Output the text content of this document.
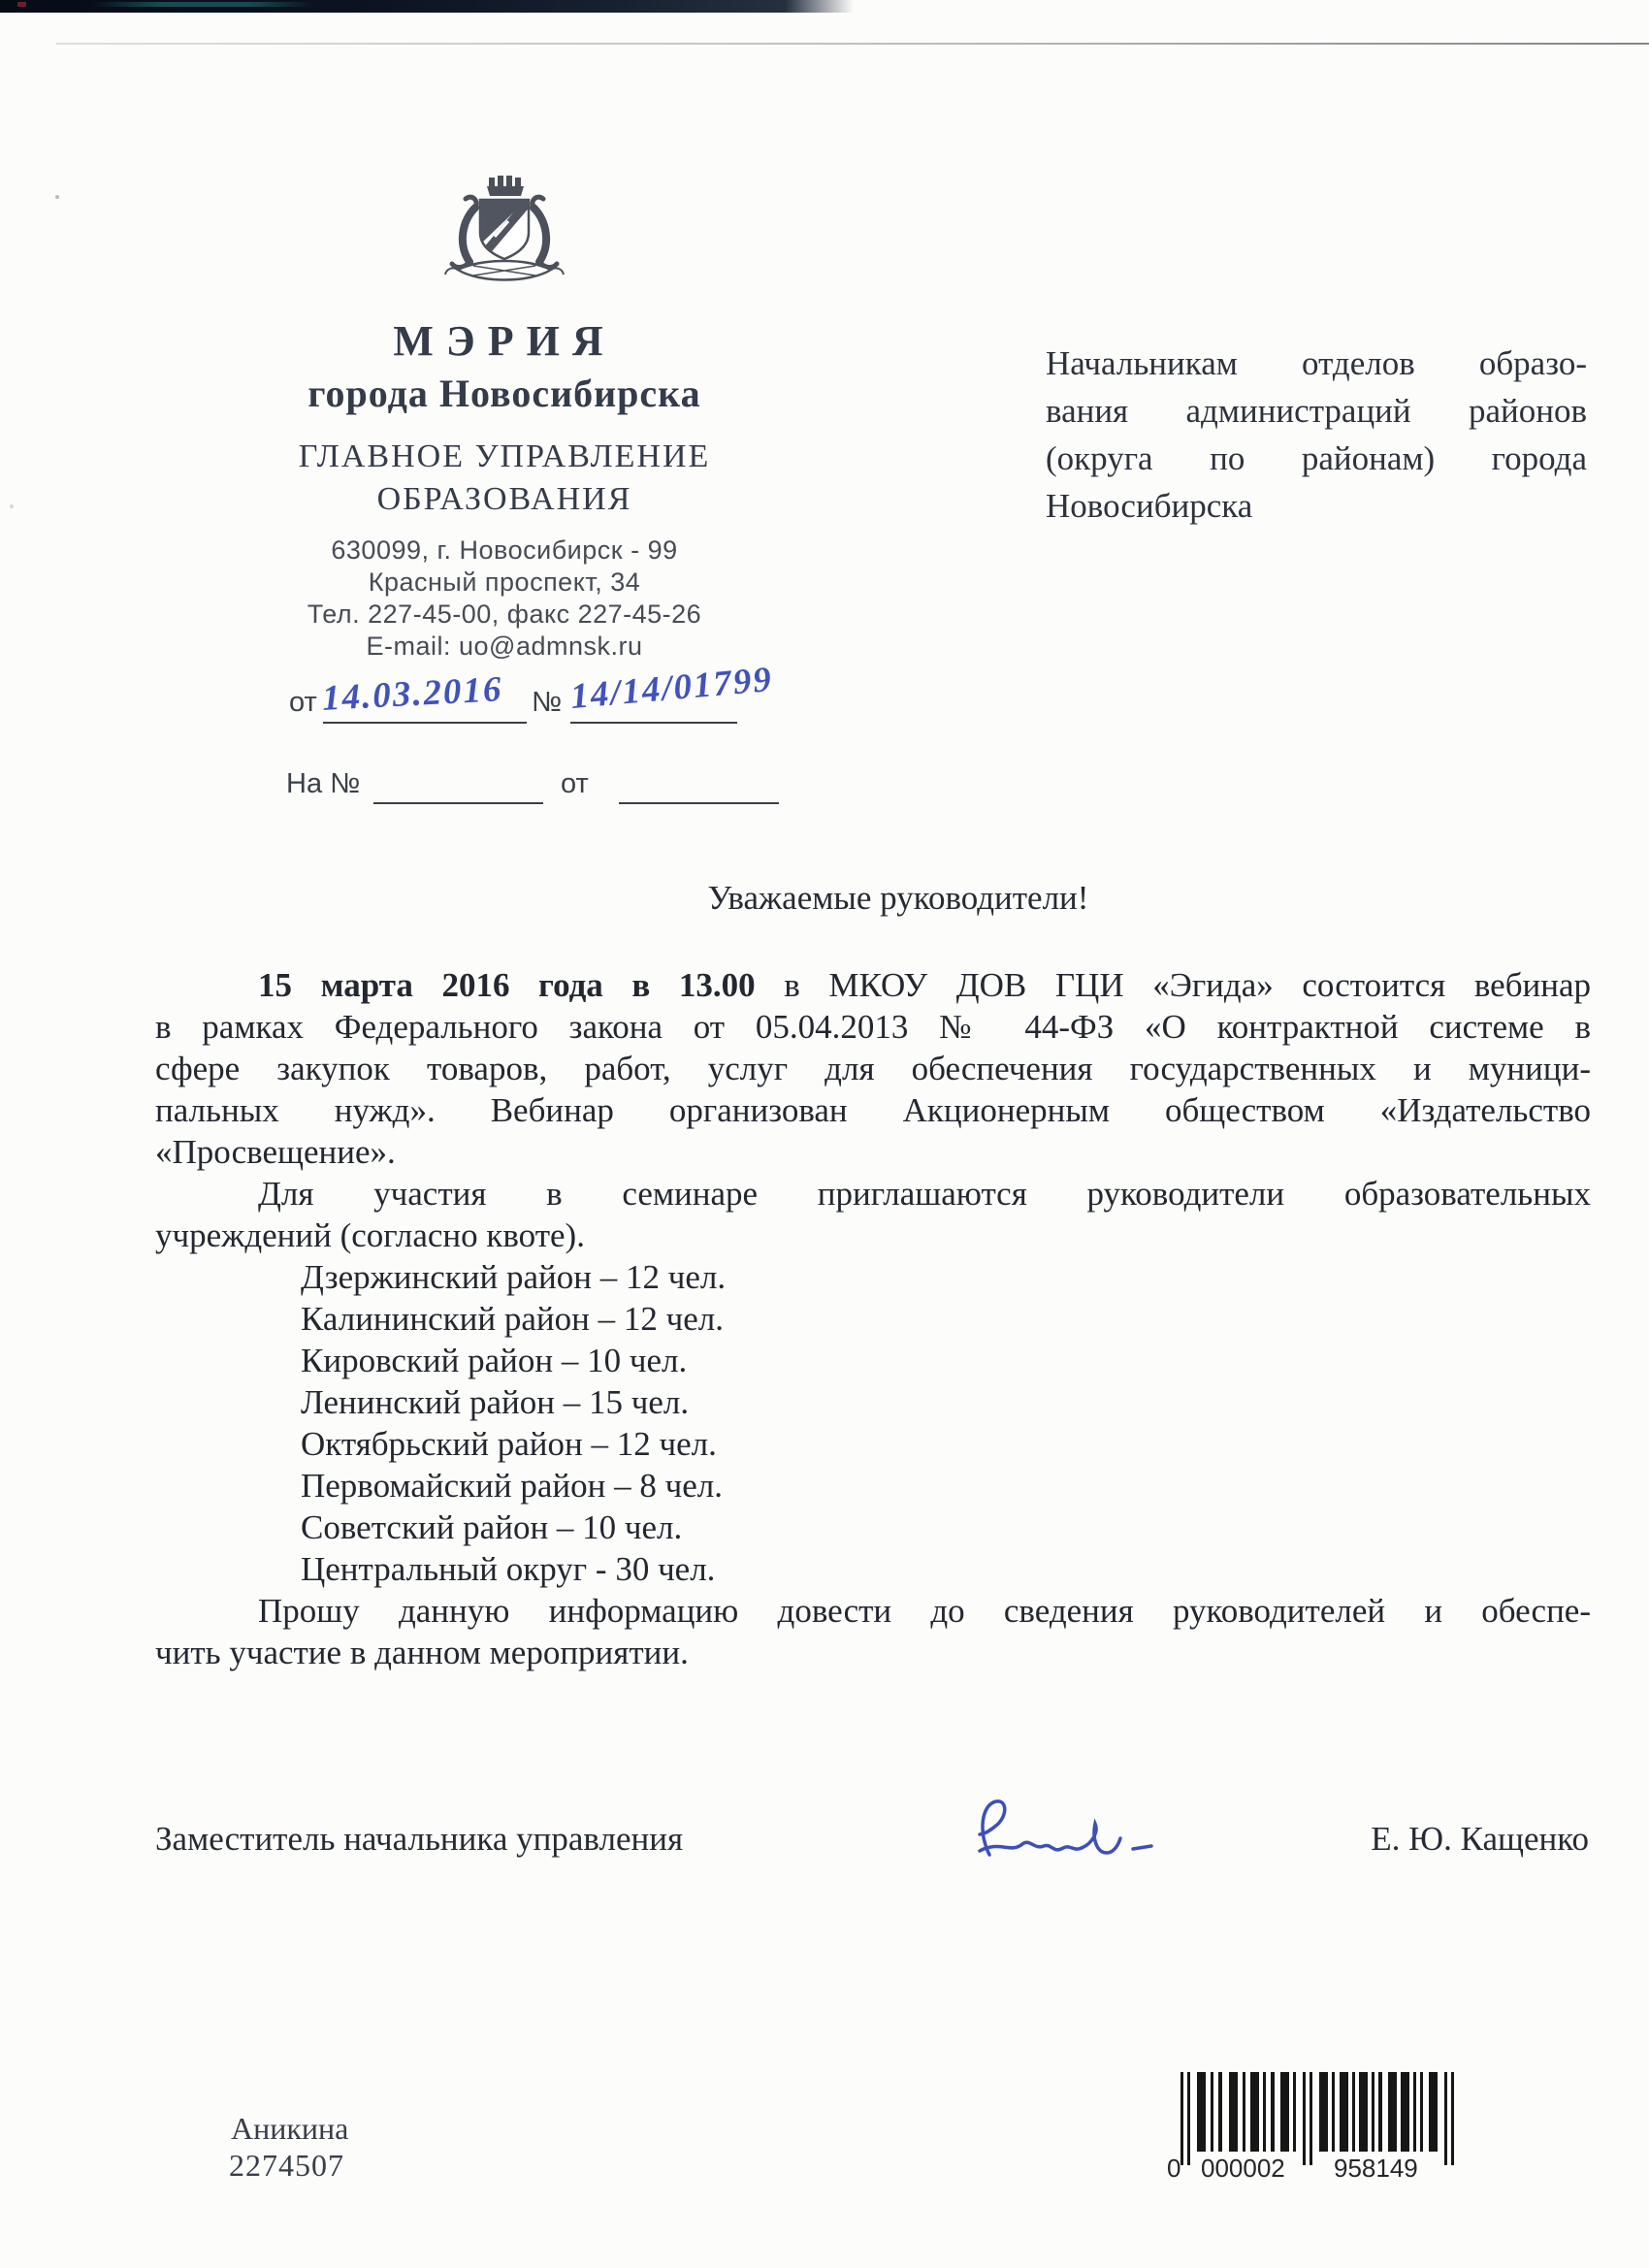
МЭРИЯ
города Новосибирска
ГЛАВНОЕ УПРАВЛЕНИЕ
ОБРАЗОВАНИЯ
630099, г. Новосибирск - 99
Красный проспект, 34
Тел. 227-45-00, факс 227-45-26
E-mail: uo@admnsk.ru
от 14.03.2016 № 14/14/01799
На №	от
Начальникам отделов образо-
вания администраций районов
(округа по районам) города
Новосибирска
Уважаемые руководители!
15 марта 2016 года в 13.00 в МКОУ ДОВ ГЦИ «Эгида» состоится вебинар
в рамках Федерального закона от 05.04.2013 № 44-ФЗ «О контрактной системе в
сфере закупок товаров, работ, услуг для обеспечения государственных и муници-
пальных нужд». Вебинар организован Акционерным обществом «Издательство
«Просвещение».
Для участия в семинаре приглашаются руководители образовательных
учреждений (согласно квоте).
Дзержинский район – 12 чел.
Калининский район – 12 чел.
Кировский район – 10 чел.
Ленинский район – 15 чел.
Октябрьский район – 12 чел.
Первомайский район – 8 чел.
Советский район – 10 чел.
Центральный округ - 30 чел.
Прошу данную информацию довести до сведения руководителей и обеспе-
чить участие в данном мероприятии.
Заместитель начальника управления	Е. Ю. Кащенко
Аникина
2274507	0 000002 958149
